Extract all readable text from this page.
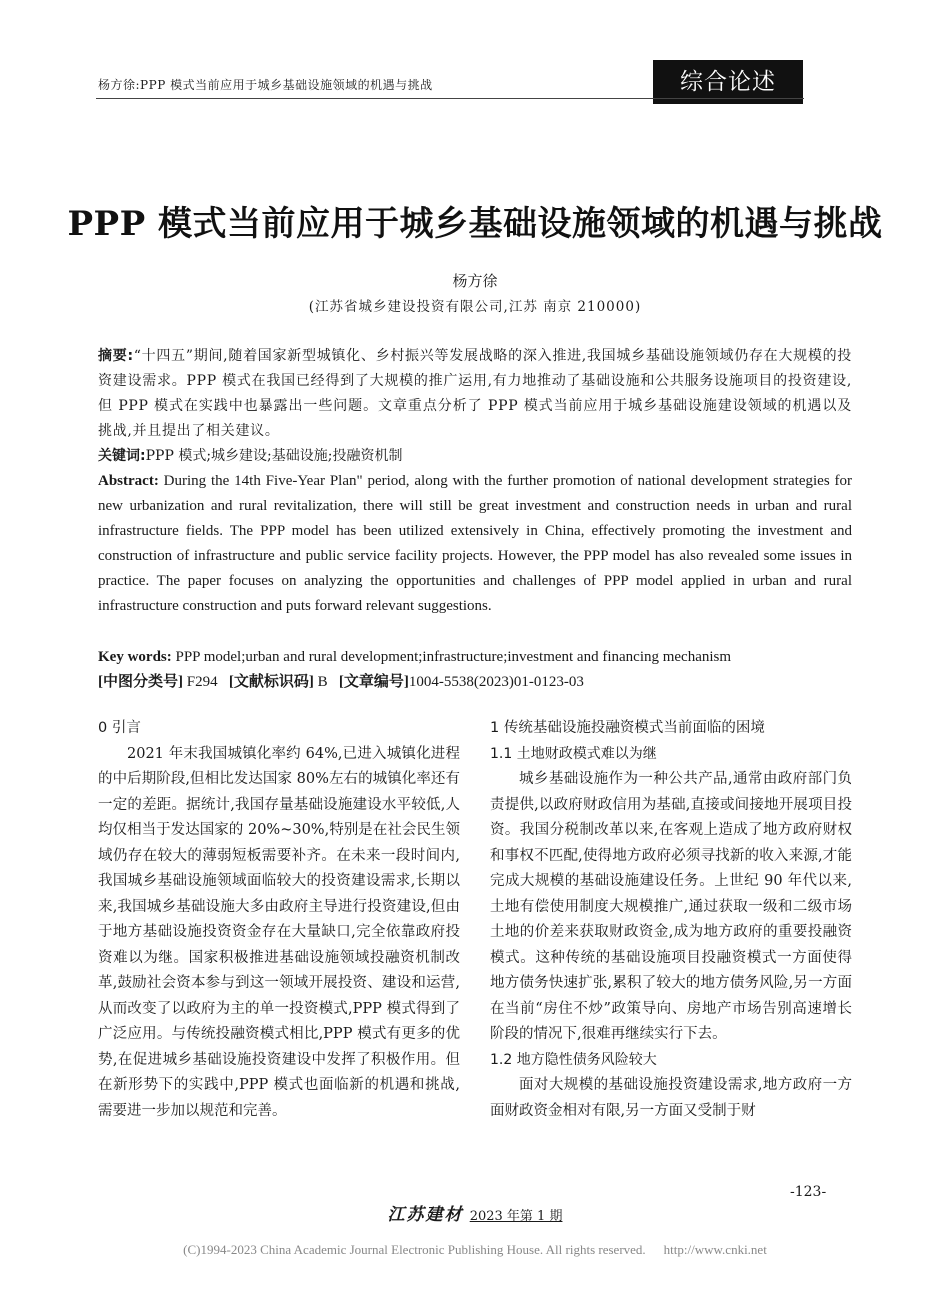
杨方徐:PPP 模式当前应用于城乡基础设施领域的机遇与挑战	综合论述
PPP 模式当前应用于城乡基础设施领域的机遇与挑战
杨方徐
(江苏省城乡建设投资有限公司,江苏 南京 210000)

摘要:“十四五”期间,随着国家新型城镇化、乡村振兴等发展战略的深入推进,我国城乡基础设施领域仍存在大规模的投资建设需求。PPP 模式在我国已经得到了大规模的推广运用,有力地推动了基础设施和公共服务设施项目的投资建设,但 PPP 模式在实践中也暴露出一些问题。文章重点分析了 PPP 模式当前应用于城乡基础设施建设领域的机遇以及挑战,并且提出了相关建议。

关键词:PPP 模式;城乡建设;基础设施;投融资机制

Abstract: During the 14th Five-Year Plan" period, along with the further promotion of national development strategies for new urbanization and rural revitalization, there will still be great investment and construction needs in urban and rural infrastructure fields. The PPP model has been utilized extensively in China, effectively promoting the investment and construction of infrastructure and public service facility projects. However, the PPP model has also revealed some issues in practice. The paper focuses on analyzing the opportunities and challenges of PPP model applied in urban and rural infrastructure construction and puts forward relevant suggestions.

Key words: PPP model;urban and rural development;infrastructure;investment and financing mechanism

[中图分类号] F294 [文献标识码] B [文章编号]1004-5538(2023)01-0123-03

0 引言

2021 年末我国城镇化率约 64%,已进入城镇化进程的中后期阶段,但相比发达国家 80%左右的城镇化率还有一定的差距。据统计,我国存量基础设施建设水平较低,人均仅相当于发达国家的 20%~30%,特别是在社会民生领域仍存在较大的薄弱短板需要补齐。在未来一段时间内,我国城乡基础设施领域面临较大的投资建设需求,长期以来,我国城乡基础设施大多由政府主导进行投资建设,但由于地方基础设施投资资金存在大量缺口,完全依靠政府投资难以为继。国家积极推进基础设施领域投融资机制改革,鼓励社会资本参与到这一领域开展投资、建设和运营,从而改变了以政府为主的单一投资模式,PPP 模式得到了广泛应用。与传统投融资模式相比,PPP 模式有更多的优势,在促进城乡基础设施投资建设中发挥了积极作用。但在新形势下的实践中,PPP 模式也面临新的机遇和挑战,需要进一步加以规范和完善。

1 传统基础设施投融资模式当前面临的困境

1.1 土地财政模式难以为继

城乡基础设施作为一种公共产品,通常由政府部门负责提供,以政府财政信用为基础,直接或间接地开展项目投资。我国分税制改革以来,在客观上造成了地方政府财权和事权不匹配,使得地方政府必须寻找新的收入来源,才能完成大规模的基础设施建设任务。上世纪 90 年代以来,土地有偿使用制度大规模推广,通过获取一级和二级市场土地的价差来获取财政资金,成为地方政府的重要投融资模式。这种传统的基础设施项目投融资模式一方面使得地方债务快速扩张,累积了较大的地方债务风险,另一方面在当前“房住不炒”政策导向、房地产市场告别高速增长阶段的情况下,很难再继续实行下去。

1.2 地方隐性债务风险较大

面对大规模的基础设施投资建设需求,地方政府一方面财政资金相对有限,另一方面又受制于财

-123-
江苏建材 2023 年第 1 期
(C)1994-2023 China Academic Journal Electronic Publishing House. All rights reserved. http://www.cnki.net
